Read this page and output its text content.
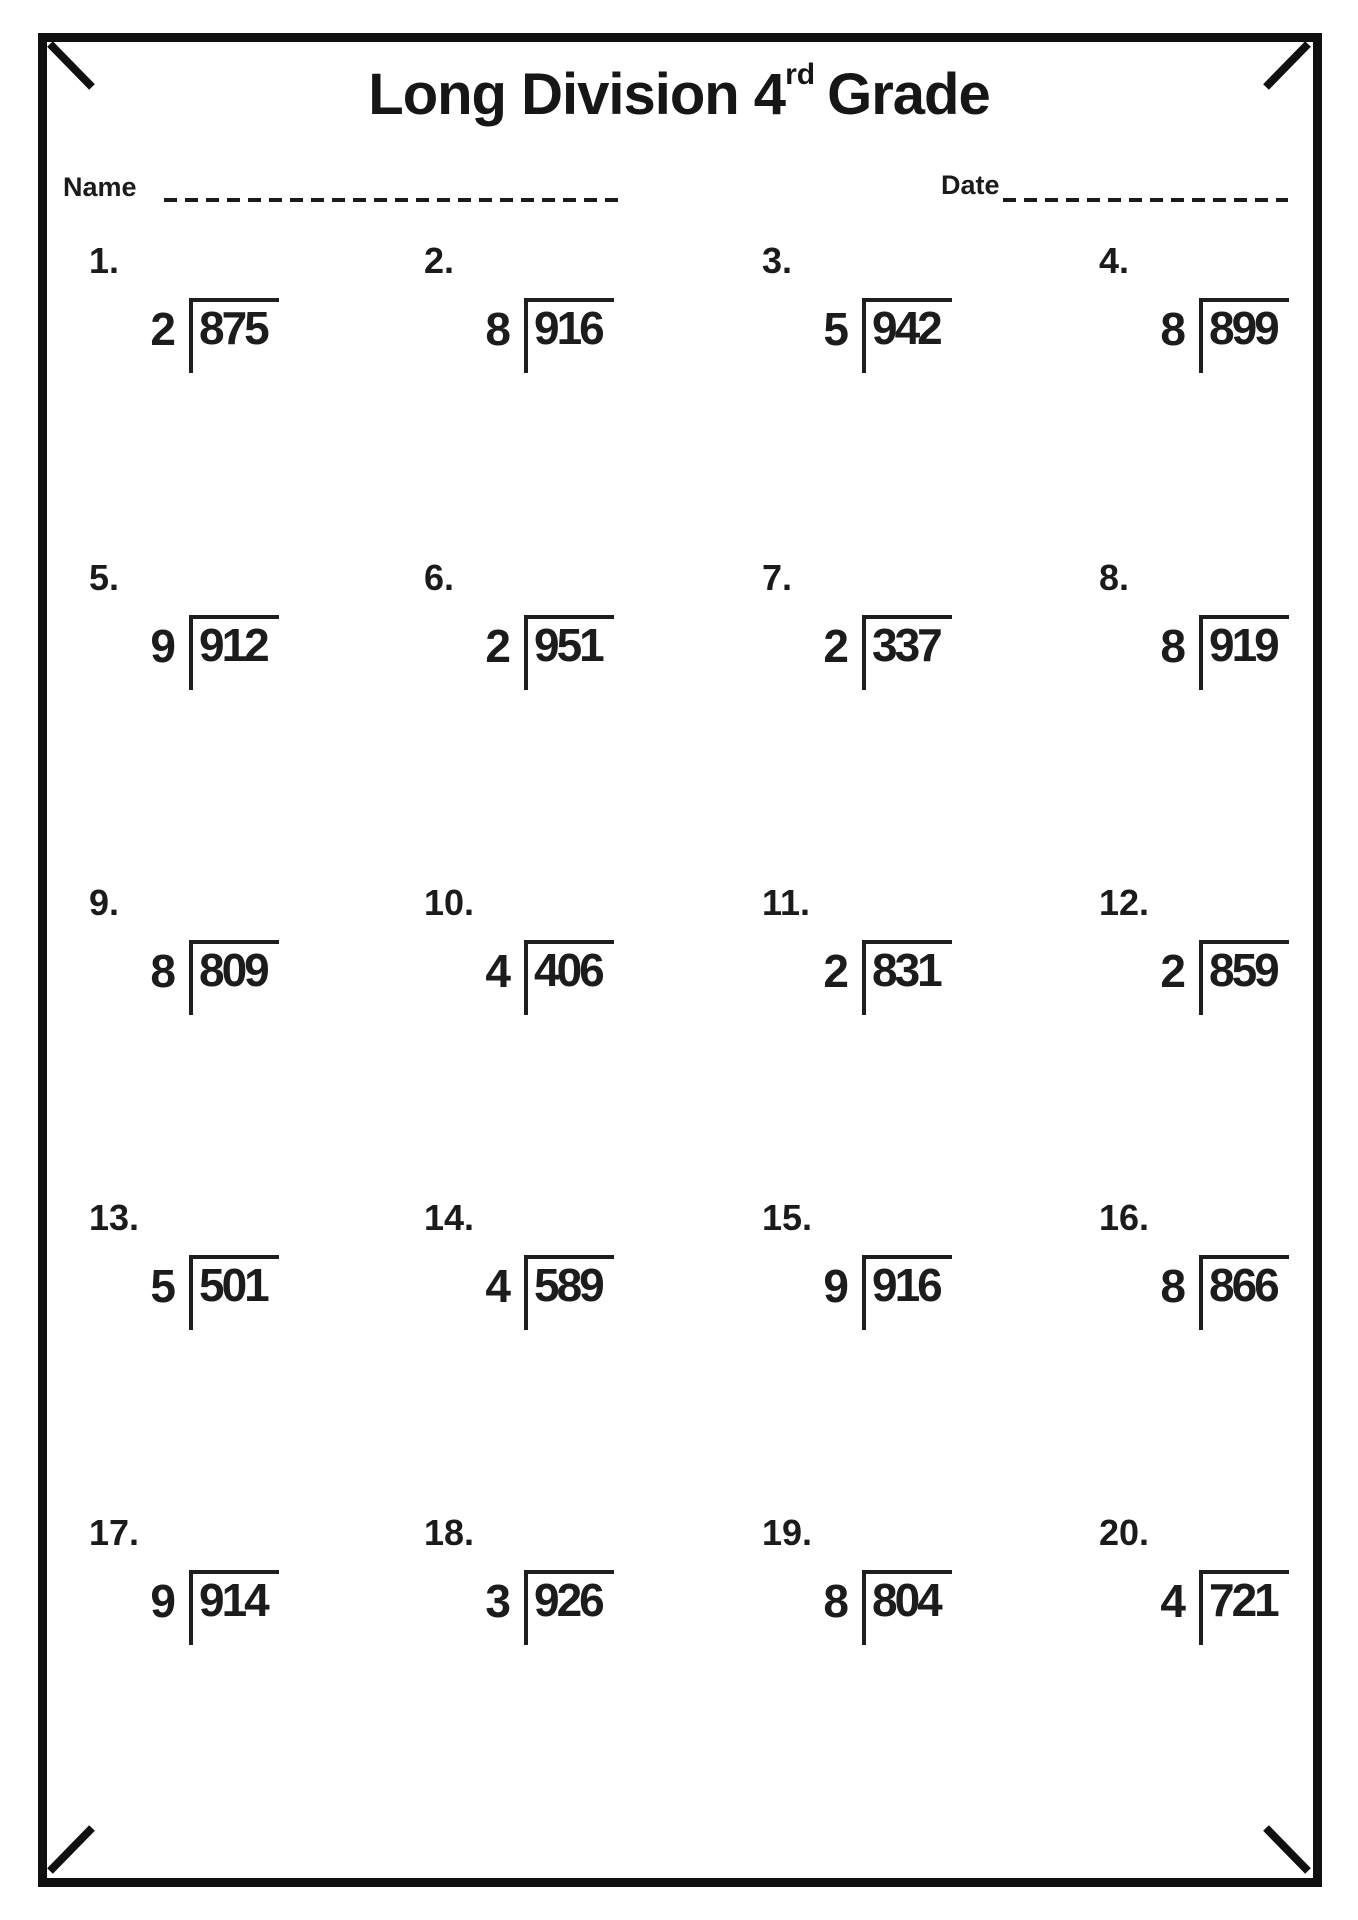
Long Division 4rd Grade
Name	Date
1.
2 875
2.
8 916
3.
5 942
4.
8 899
5.
9 912
6.
2 951
7.
2 337
8.
8 919
9.
8 809
10.
4 406
11.
2 831
12.
2 859
13.
5 501
14.
4 589
15.
9 916
16.
8 866
17.
9 914
18.
3 926
19.
8 804
20.
4 721
